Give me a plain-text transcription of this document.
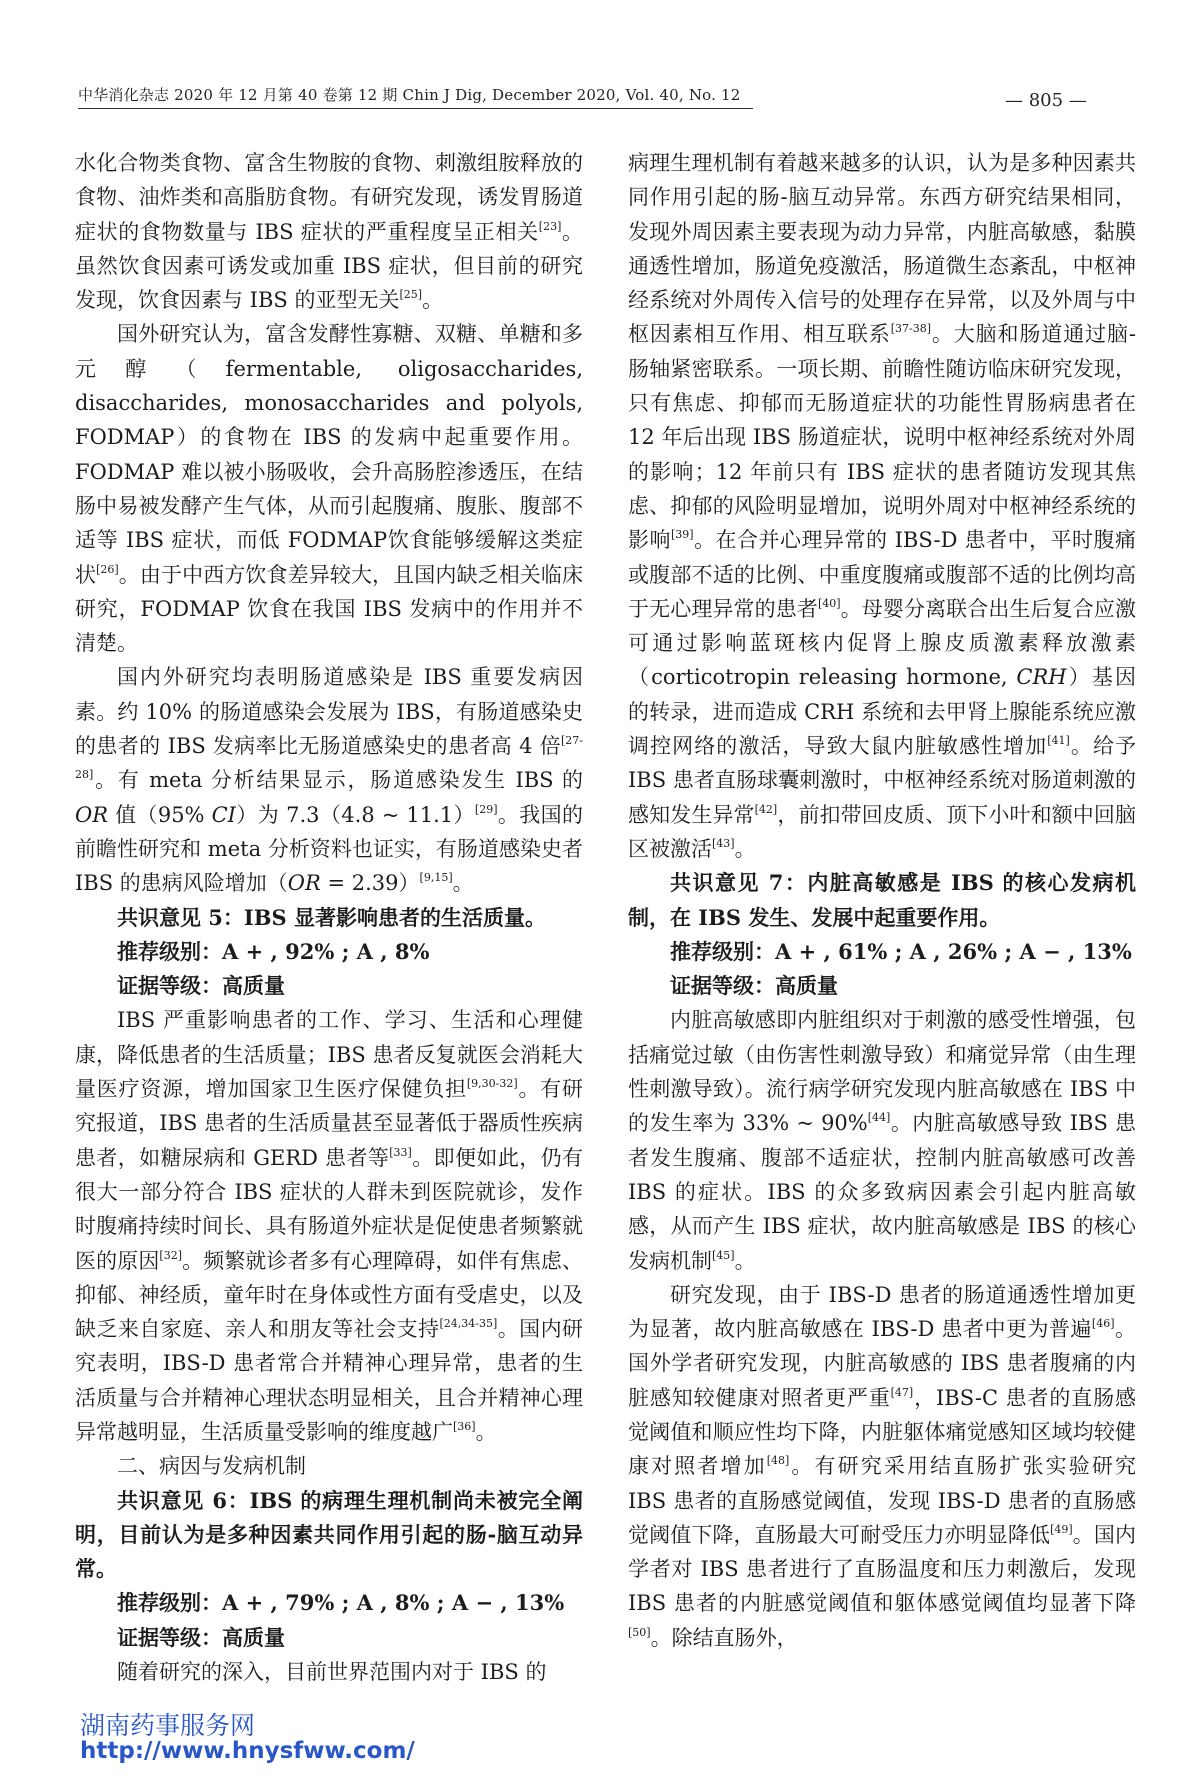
中华消化杂志 2020 年 12 月第 40 卷第 12 期 Chin J Dig, December 2020, Vol. 40, No. 12	— 805 —

水化合物类食物、富含生物胺的食物、刺激组胺释放的食物、油炸类和高脂肪食物。有研究发现，诱发胃肠道症状的食物数量与 IBS 症状的严重程度呈正相关[23]。虽然饮食因素可诱发或加重 IBS 症状，但目前的研究发现，饮食因素与 IBS 的亚型无关[25]。

国外研究认为，富含发酵性寡糖、双糖、单糖和多元醇（fermentable, oligosaccharides, disaccharides, monosaccharides and polyols, FODMAP）的食物在 IBS 的发病中起重要作用。FODMAP 难以被小肠吸收，会升高肠腔渗透压，在结肠中易被发酵产生气体，从而引起腹痛、腹胀、腹部不适等 IBS 症状，而低 FODMAP饮食能够缓解这类症状[26]。由于中西方饮食差异较大，且国内缺乏相关临床研究，FODMAP 饮食在我国 IBS 发病中的作用并不清楚。

国内外研究均表明肠道感染是 IBS 重要发病因素。约 10% 的肠道感染会发展为 IBS，有肠道感染史的患者的 IBS 发病率比无肠道感染史的患者高 4 倍[27-28]。有 meta 分析结果显示，肠道感染发生 IBS 的 OR 值（95% CI）为 7.3（4.8 ~ 11.1）[29]。我国的前瞻性研究和 meta 分析资料也证实，有肠道感染史者 IBS 的患病风险增加（OR = 2.39）[9,15]。

共识意见 5：IBS 显著影响患者的生活质量。

推荐级别：A + , 92% ; A , 8%

证据等级：高质量

IBS 严重影响患者的工作、学习、生活和心理健康，降低患者的生活质量；IBS 患者反复就医会消耗大量医疗资源，增加国家卫生医疗保健负担[9,30-32]。有研究报道，IBS 患者的生活质量甚至显著低于器质性疾病患者，如糖尿病和 GERD 患者等[33]。即便如此，仍有很大一部分符合 IBS 症状的人群未到医院就诊，发作时腹痛持续时间长、具有肠道外症状是促使患者频繁就医的原因[32]。频繁就诊者多有心理障碍，如伴有焦虑、抑郁、神经质，童年时在身体或性方面有受虐史，以及缺乏来自家庭、亲人和朋友等社会支持[24,34-35]。国内研究表明，IBS-D 患者常合并精神心理异常，患者的生活质量与合并精神心理状态明显相关，且合并精神心理异常越明显，生活质量受影响的维度越广[36]。

二、病因与发病机制

共识意见 6：IBS 的病理生理机制尚未被完全阐明，目前认为是多种因素共同作用引起的肠-脑互动异常。

推荐级别：A + , 79% ; A , 8% ; A − , 13%

证据等级：高质量

随着研究的深入，目前世界范围内对于 IBS 的

病理生理机制有着越来越多的认识，认为是多种因素共同作用引起的肠-脑互动异常。东西方研究结果相同，发现外周因素主要表现为动力异常，内脏高敏感，黏膜通透性增加，肠道免疫激活，肠道微生态紊乱，中枢神经系统对外周传入信号的处理存在异常，以及外周与中枢因素相互作用、相互联系[37-38]。大脑和肠道通过脑-肠轴紧密联系。一项长期、前瞻性随访临床研究发现，只有焦虑、抑郁而无肠道症状的功能性胃肠病患者在 12 年后出现 IBS 肠道症状，说明中枢神经系统对外周的影响；12 年前只有 IBS 症状的患者随访发现其焦虑、抑郁的风险明显增加，说明外周对中枢神经系统的影响[39]。在合并心理异常的 IBS-D 患者中，平时腹痛或腹部不适的比例、中重度腹痛或腹部不适的比例均高于无心理异常的患者[40]。母婴分离联合出生后复合应激可通过影响蓝斑核内促肾上腺皮质激素释放激素（corticotropin releasing hormone, CRH）基因的转录，进而造成 CRH 系统和去甲肾上腺能系统应激调控网络的激活，导致大鼠内脏敏感性增加[41]。给予 IBS 患者直肠球囊刺激时，中枢神经系统对肠道刺激的感知发生异常[42]，前扣带回皮质、顶下小叶和额中回脑区被激活[43]。

共识意见 7：内脏高敏感是 IBS 的核心发病机制，在 IBS 发生、发展中起重要作用。

推荐级别：A + , 61% ; A , 26% ; A − , 13%

证据等级：高质量

内脏高敏感即内脏组织对于刺激的感受性增强，包括痛觉过敏（由伤害性刺激导致）和痛觉异常（由生理性刺激导致）。流行病学研究发现内脏高敏感在 IBS 中的发生率为 33% ~ 90%[44]。内脏高敏感导致 IBS 患者发生腹痛、腹部不适症状，控制内脏高敏感可改善 IBS 的症状。IBS 的众多致病因素会引起内脏高敏感，从而产生 IBS 症状，故内脏高敏感是 IBS 的核心发病机制[45]。

研究发现，由于 IBS-D 患者的肠道通透性增加更为显著，故内脏高敏感在 IBS-D 患者中更为普遍[46]。国外学者研究发现，内脏高敏感的 IBS 患者腹痛的内脏感知较健康对照者更严重[47]，IBS-C 患者的直肠感觉阈值和顺应性均下降，内脏躯体痛觉感知区域均较健康对照者增加[48]。有研究采用结直肠扩张实验研究 IBS 患者的直肠感觉阈值，发现 IBS-D 患者的直肠感觉阈值下降，直肠最大可耐受压力亦明显降低[49]。国内学者对 IBS 患者进行了直肠温度和压力刺激后，发现 IBS 患者的内脏感觉阈值和躯体感觉阈值均显著下降[50]。除结直肠外，

湖南药事服务网
http://www.hnysfww.com/
